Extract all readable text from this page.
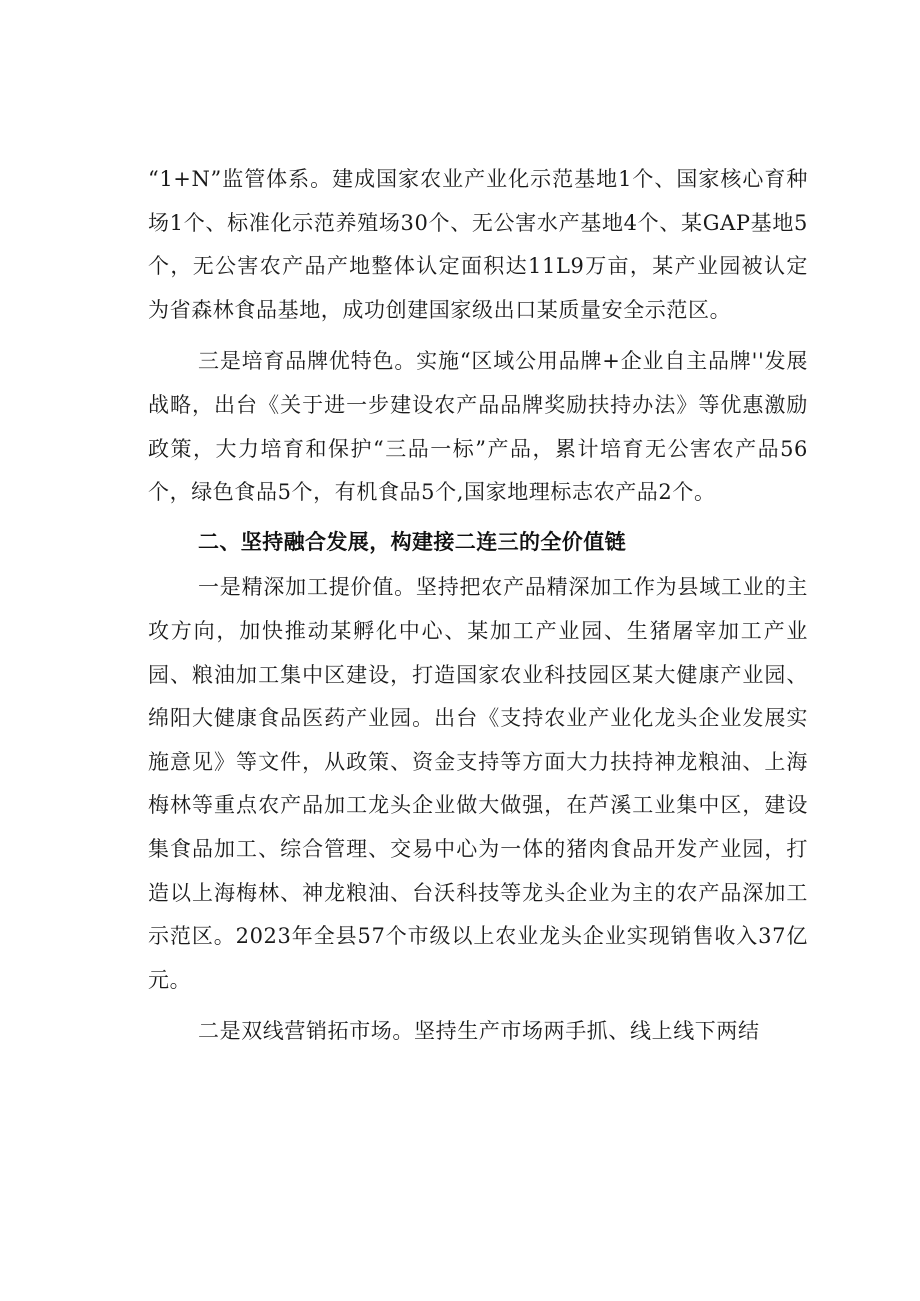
“1+N”监管体系。建成国家农业产业化示范基地1个、国家核心育种场1个、标准化示范养殖场30个、无公害水产基地4个、某GAP基地5个，无公害农产品产地整体认定面积达11L9万亩，某产业园被认定为省森林食品基地，成功创建国家级出口某质量安全示范区。

三是培育品牌优特色。实施“区域公用品牌+企业自主品牌''发展战略，出台《关于进一步建设农产品品牌奖励扶持办法》等优惠激励政策，大力培育和保护“三品一标”产品，累计培育无公害农产品56个，绿色食品5个，有机食品5个,国家地理标志农产品2个。

二、坚持融合发展，构建接二连三的全价值链

一是精深加工提价值。坚持把农产品精深加工作为县域工业的主攻方向，加快推动某孵化中心、某加工产业园、生猪屠宰加工产业园、粮油加工集中区建设，打造国家农业科技园区某大健康产业园、绵阳大健康食品医药产业园。出台《支持农业产业化龙头企业发展实施意见》等文件，从政策、资金支持等方面大力扶持神龙粮油、上海梅林等重点农产品加工龙头企业做大做强，在芦溪工业集中区，建设集食品加工、综合管理、交易中心为一体的猪肉食品开发产业园，打造以上海梅林、神龙粮油、台沃科技等龙头企业为主的农产品深加工示范区。2023年全县57个市级以上农业龙头企业实现销售收入37亿元。

二是双线营销拓市场。坚持生产市场两手抓、线上线下两结
